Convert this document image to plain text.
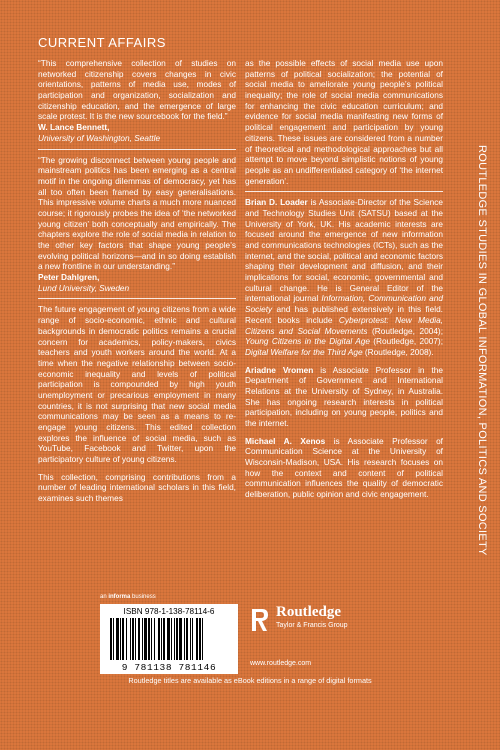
CURRENT AFFAIRS

“This comprehensive collection of studies on networked citizenship covers changes in civic orientations, patterns of media use, modes of participation and organization, socialization and citizenship education, and the emergence of large scale protest. It is the new sourcebook for the field.”

W. Lance Bennett,
University of Washington, Seattle

“The growing disconnect between young people and mainstream politics has been emerging as a central motif in the ongoing dilemmas of democracy, yet has all too often been framed by easy generalisations. This impressive volume charts a much more nuanced course; it rigorously probes the idea of ‘the networked young citizen’ both conceptually and empirically. The chapters explore the role of social media in relation to the other key factors that shape young people’s evolving political horizons—and in so doing establish a new frontline in our understanding.”

Peter Dahlgren,
Lund University, Sweden

The future engagement of young citizens from a wide range of socio-economic, ethnic and cultural backgrounds in democratic politics remains a crucial concern for academics, policy-makers, civics teachers and youth workers around the world. At a time when the negative relationship between socio-economic inequality and levels of political participation is compounded by high youth unemployment or precarious employment in many countries, it is not surprising that new social media communications may be seen as a means to re-engage young citizens. This edited collection explores the influence of social media, such as YouTube, Facebook and Twitter, upon the participatory culture of young citizens.

This collection, comprising contributions from a number of leading international scholars in this field, examines such themes

as the possible effects of social media use upon patterns of political socialization; the potential of social media to ameliorate young people’s political inequality; the role of social media communications for enhancing the civic education curriculum; and evidence for social media manifesting new forms of political engagement and participation by young citizens. These issues are considered from a number of theoretical and methodological approaches but all attempt to move beyond simplistic notions of young people as an undifferentiated category of ‘the internet generation’.

Brian D. Loader is Associate-Director of the Science and Technology Studies Unit (SATSU) based at the University of York, UK. His academic interests are focused around the emergence of new information and communications technologies (ICTs), such as the internet, and the social, political and economic factors shaping their development and diffusion, and their implications for social, economic, governmental and cultural change. He is General Editor of the international journal Information, Communication and Society and has published extensively in this field. Recent books include Cyberprotest: New Media, Citizens and Social Movements (Routledge, 2004); Young Citizens in the Digital Age (Routledge, 2007); Digital Welfare for the Third Age (Routledge, 2008).

Ariadne Vromen is Associate Professor in the Department of Government and International Relations at the University of Sydney, in Australia. She has ongoing research interests in political participation, including on young people, politics and the internet.

Michael A. Xenos is Associate Professor of Communication Science at the University of Wisconsin-Madison, USA. His research focuses on how the context and content of political communication influences the quality of democratic deliberation, public opinion and civic engagement.	ROUTLEDGE STUDIES IN GLOBAL INFORMATION, POLITICS AND SOCIETY
an informa business
ISBN 978-1-138-78114-6
9 781138 781146
Routledge
Taylor & Francis Group
www.routledge.com
Routledge titles are available as eBook editions in a range of digital formats
